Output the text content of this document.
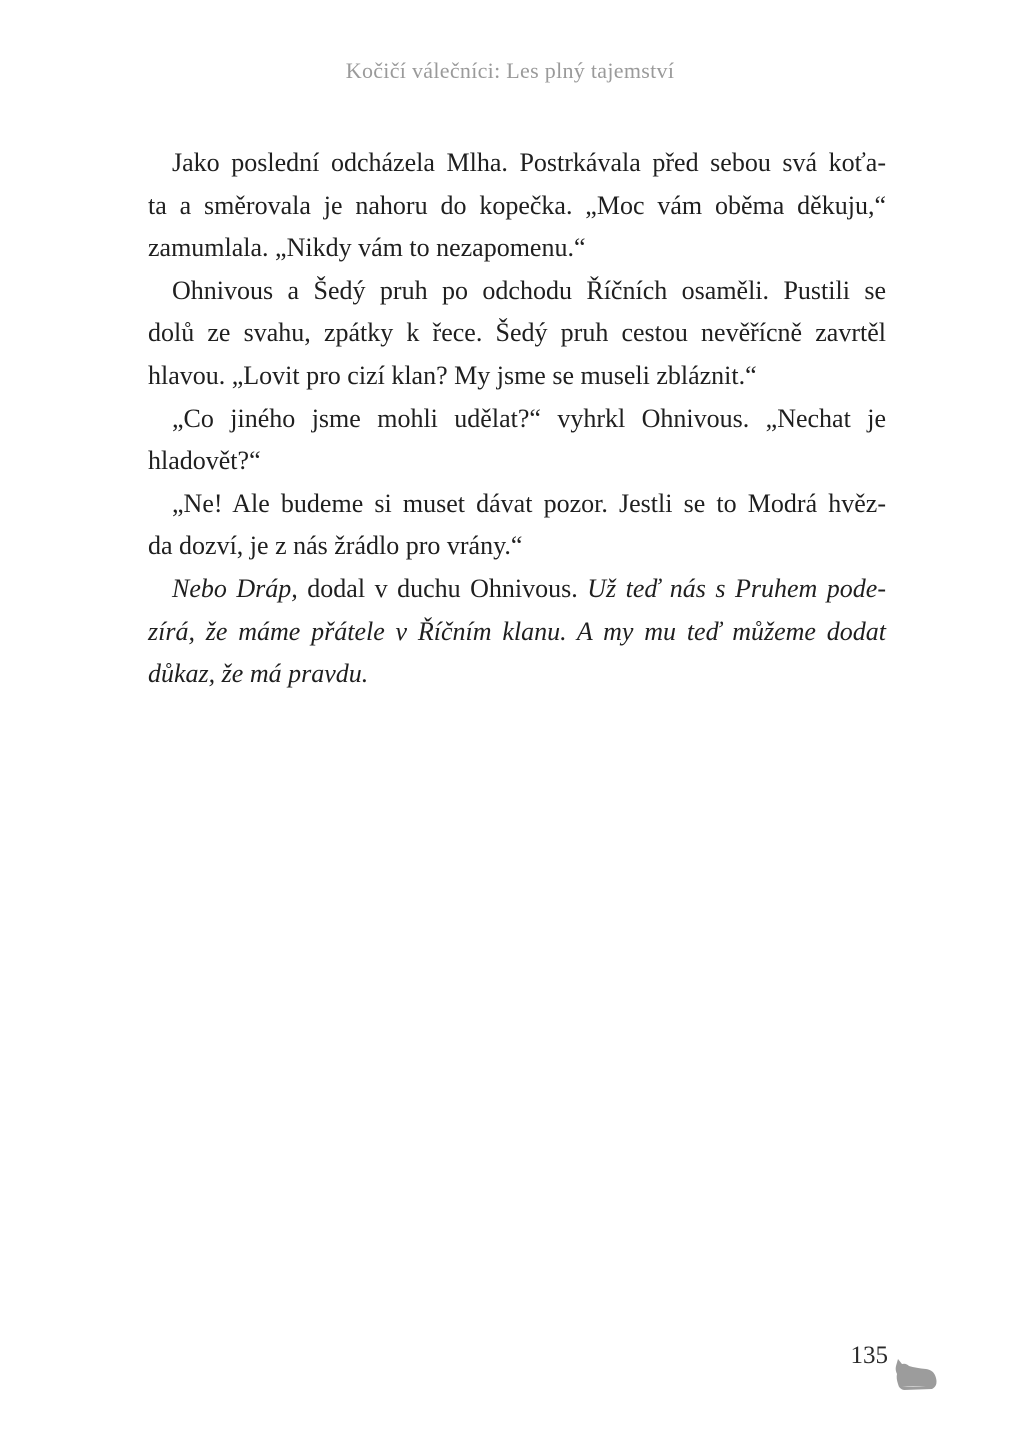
Kočičí válečníci: Les plný tajemství

Jako poslední odcházela Mlha. Postrkávala před sebou svá koťa-
ta a směrovala je nahoru do kopečka. „Moc vám oběma děkuju,“
zamumlala. „Nikdy vám to nezapomenu.“

Ohnivous a Šedý pruh po odchodu Říčních osaměli. Pustili se
dolů ze svahu, zpátky k řece. Šedý pruh cestou nevěřícně zavrtěl
hlavou. „Lovit pro cizí klan? My jsme se museli zbláznit.“

„Co jiného jsme mohli udělat?“ vyhrkl Ohnivous. „Nechat je
hladovět?“

„Ne! Ale budeme si muset dávat pozor. Jestli se to Modrá hvěz-
da dozví, je z nás žrádlo pro vrány.“

Nebo Dráp, dodal v duchu Ohnivous. Už teď nás s Pruhem pode-
zírá, že máme přátele v Říčním klanu. A my mu teď můžeme dodat
důkaz, že má pravdu.

135
